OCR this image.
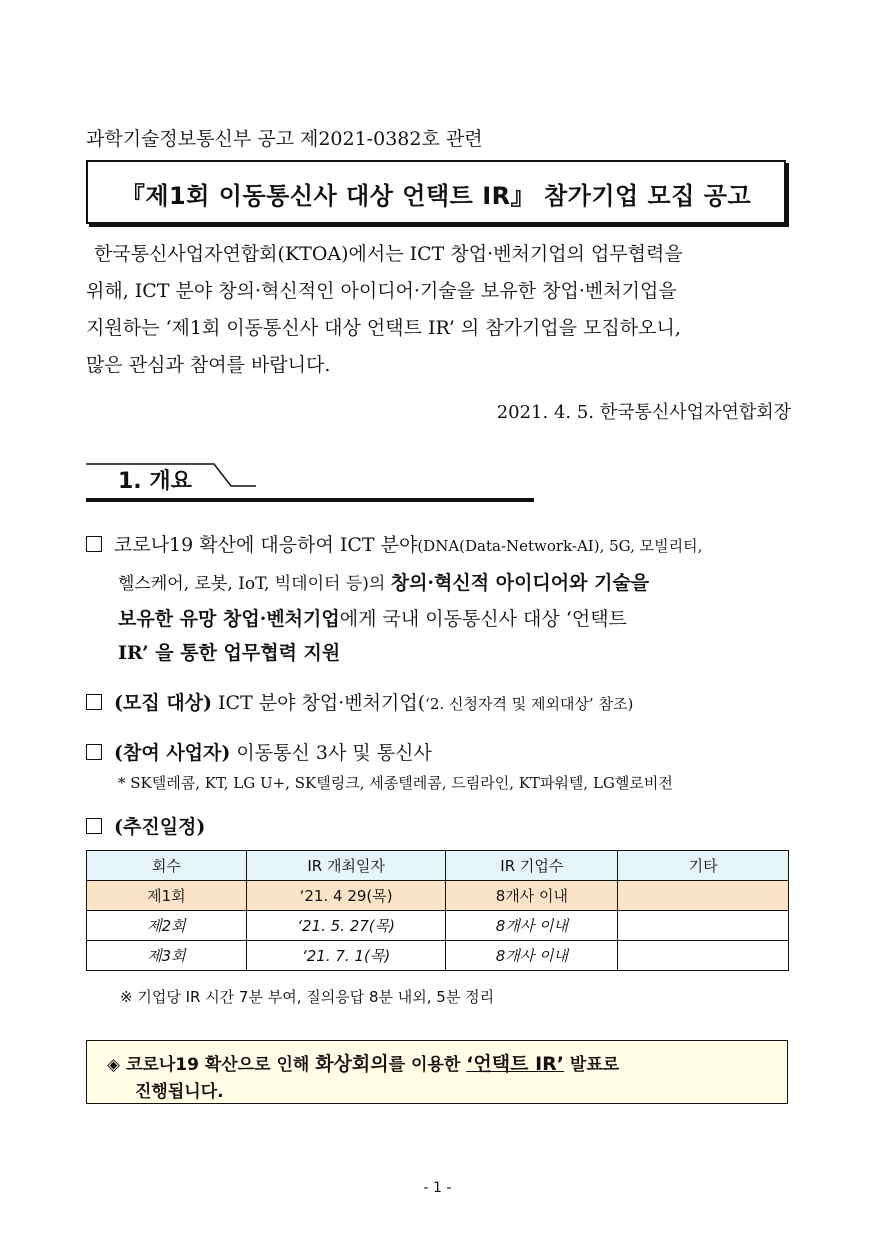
과학기술정보통신부 공고 제2021-0382호 관련
『제1회 이동통신사 대상 언택트 IR』 참가기업 모집 공고

한국통신사업자연합회(KTOA)에서는 ICT 창업·벤처기업의 업무협력을

위해, ICT 분야 창의·혁신적인 아이디어·기술을 보유한 창업·벤처기업을

지원하는 ‘제1회 이동통신사 대상 언택트 IR’ 의 참가기업을 모집하오니,

많은 관심과 참여를 바랍니다.

2021. 4. 5. 한국통신사업자연합회장
1. 개요
코로나19 확산에 대응하여 ICT 분야(DNA(Data-Network-AI), 5G, 모빌리티,
헬스케어, 로봇, IoT, 빅데이터 등)의 창의·혁신적 아이디어와 기술을
보유한 유망 창업·벤처기업에게 국내 이동통신사 대상 ‘언택트
IR’ 을 통한 업무협력 지원
(모집 대상) ICT 분야 창업·벤처기업(‘2. 신청자격 및 제외대상’ 참조)
(참여 사업자) 이동통신 3사 및 통신사
* SK텔레콤, KT, LG U+, SK텔링크, 세종텔레콤, 드림라인, KT파워텔, LG헬로비전
(추진일정)
회수	IR 개최일자	IR 기업수	기타
제1회	‘21. 4 29(목)	8개사 이내	
제2회	‘21. 5. 27(목)	8개사 이내	
제3회	‘21. 7. 1(목)	8개사 이내	
※ 기업당 IR 시간 7분 부여, 질의응답 8분 내외, 5분 정리
◈ 코로나19 확산으로 인해 화상회의를 이용한 ‘언택트 IR’ 발표로
진행됩니다.
- 1 -
